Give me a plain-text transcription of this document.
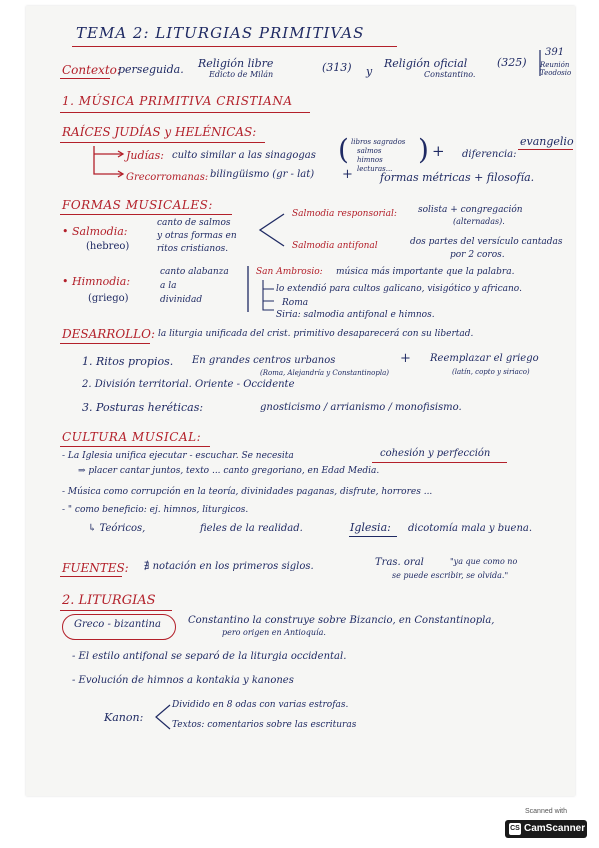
TEMA 2: LITURGIAS PRIMITIVAS
Contexto:
perseguida. Religión libre
Edicto de Milán
(313) y
Religión oficial
Constantino.
(325)
391
Reunión Teodosio
1. MÚSICA PRIMITIVA CRISTIANA
RAÍCES JUDÍAS y HELÉNICAS:
Judías: culto similar a las sinagogas ( libros sagrados
salmos
himnos
lecturas...
) + diferencia:
evangelio
Grecorromanas: bilingüismo (gr - lat) + formas métricas + filosofía.
FORMAS MUSICALES:
• Salmodia:
(hebreo)
canto de salmos
y otras formas en
ritos cristianos.
Salmodia responsorial: solista + congregación
(alternadas).
Salmodia antifonal	dos partes del versículo cantadas
por 2 coros.
• Himnodia:
(griego)
canto alabanza
a la
divinidad
San Ambrosio: música más importante que la palabra.
lo extendió para cultos galicano, visigótico y africano.
Roma
Siria: salmodia antifonal e himnos.
DESARROLLO: la liturgia unificada del crist. primitivo desaparecerá con su libertad.
1. Ritos propios. En grandes centros urbanos
(Roma, Alejandría y Constantinopla)
+ Reemplazar el griego
(latín, copto y siriaco)
2. División territorial. Oriente - Occidente
3. Posturas heréticas:	gnosticismo / arrianismo / monofisismo.
CULTURA MUSICAL:
- La Iglesia unifica ejecutar - escuchar. Se necesita	cohesión y perfección
⇒ placer cantar juntos, texto ... canto gregoriano, en Edad Media.
- Música como corrupción en la teoría, divinidades paganas, disfrute, horrores ...
- " como beneficio: ej. himnos, liturgicos.
↳ Teóricos,	fieles de la realidad.	Iglesia: dicotomía mala y buena.
FUENTES: ∄ notación en los primeros siglos.	Tras. oral	"ya que como no
se puede escribir, se olvida."
2. LITURGIAS
Greco - bizantina	Constantino la construye sobre Bizancio, en Constantinopla,
pero origen en Antioquía.
- El estilo antifonal se separó de la liturgia occidental.
- Evolución de himnos a kontakia y kanones
Kanon:
Dividido en 8 odas con varias estrofas.
Textos: comentarios sobre las escrituras
Scanned with
CS CamScanner
